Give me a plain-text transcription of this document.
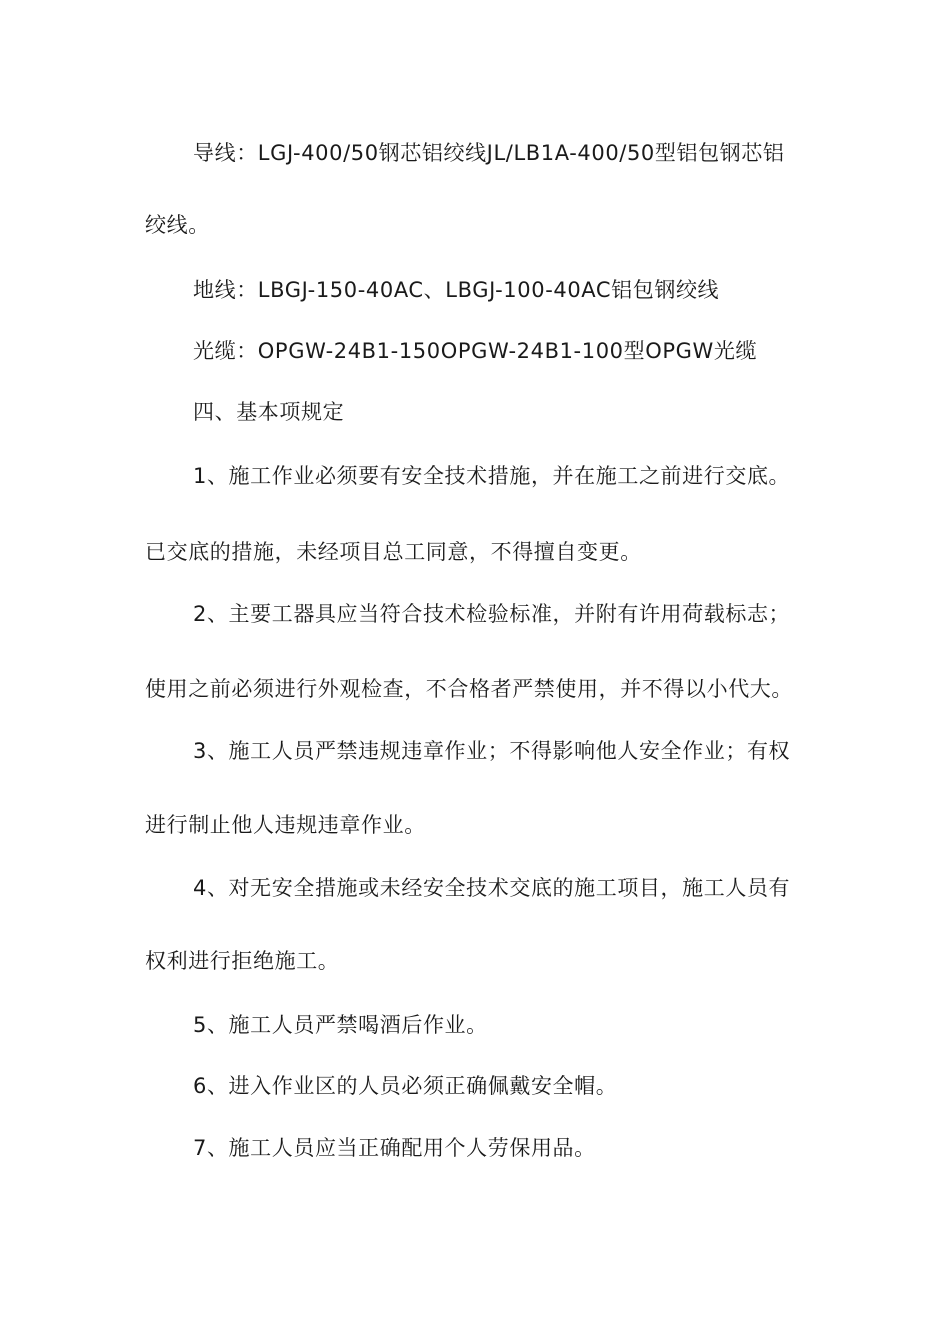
导线：LGJ-400/50钢芯铝绞线JL/LB1A-400/50型铝包钢芯铝
绞线。
地线：LBGJ-150-40AC、LBGJ-100-40AC铝包钢绞线
光缆：OPGW-24B1-150OPGW-24B1-100型OPGW光缆
四、基本项规定
1、施工作业必须要有安全技术措施，并在施工之前进行交底。
已交底的措施，未经项目总工同意，不得擅自变更。
2、主要工器具应当符合技术检验标准，并附有许用荷载标志；
使用之前必须进行外观检查，不合格者严禁使用，并不得以小代大。
3、施工人员严禁违规违章作业；不得影响他人安全作业；有权
进行制止他人违规违章作业。
4、对无安全措施或未经安全技术交底的施工项目，施工人员有
权利进行拒绝施工。
5、施工人员严禁喝酒后作业。
6、进入作业区的人员必须正确佩戴安全帽。
7、施工人员应当正确配用个人劳保用品。
